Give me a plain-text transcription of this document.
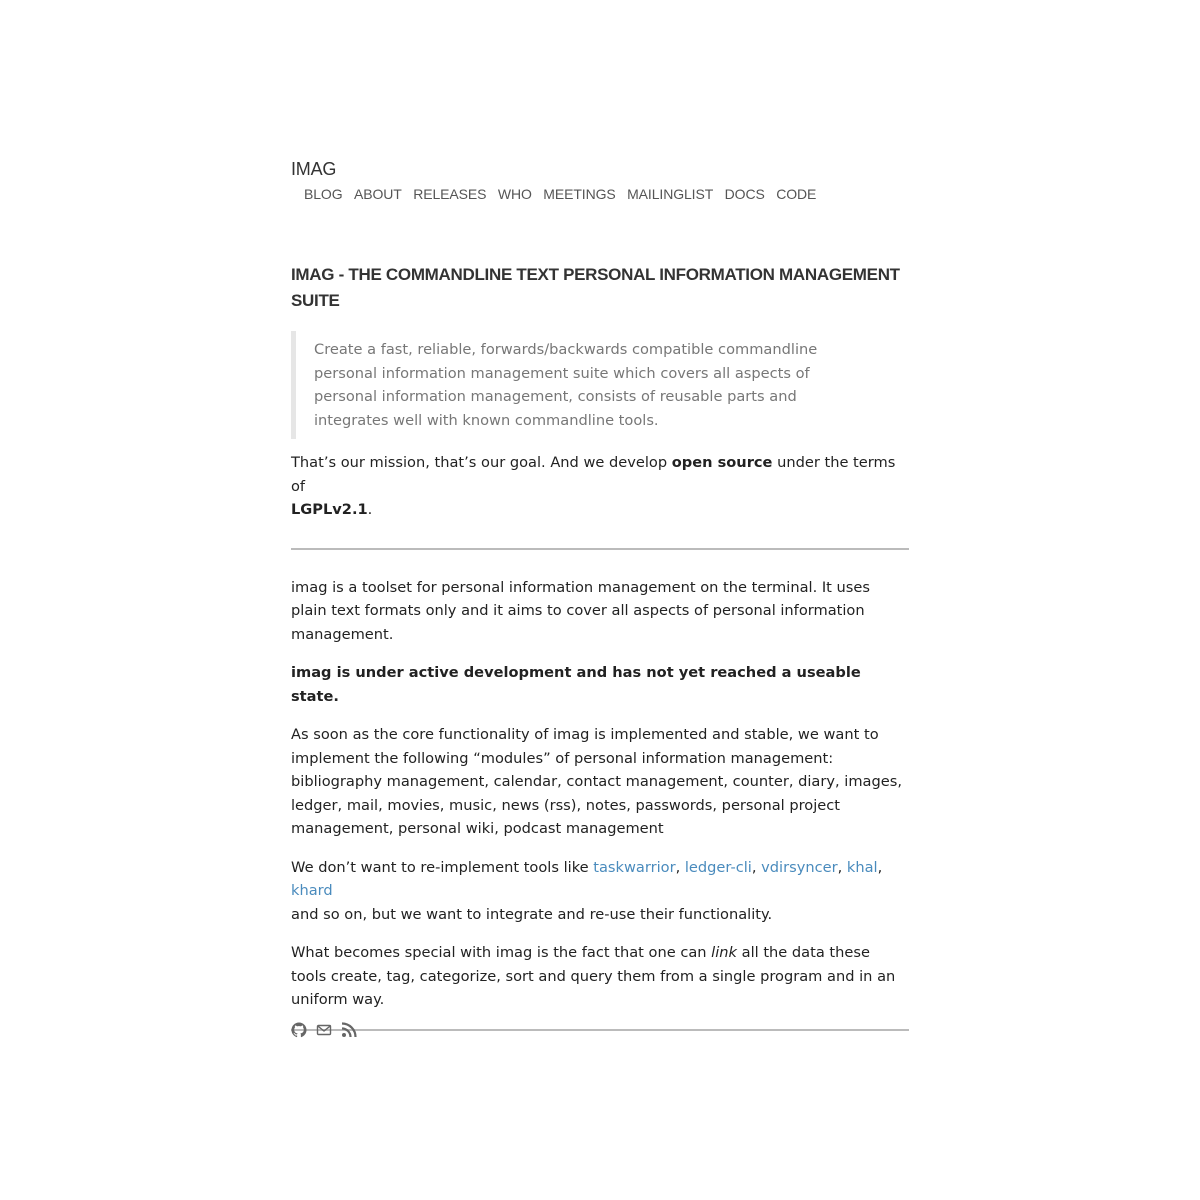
IMAG
BLOG ABOUT RELEASES WHO MEETINGS MAILINGLIST DOCS CODE
IMAG - THE COMMANDLINE TEXT PERSONAL INFORMATION MANAGEMENT SUITE
Create a fast, reliable, forwards/backwards compatible commandline personal information management suite which covers all aspects of personal information management, consists of reusable parts and integrates well with known commandline tools.

That’s our mission, that’s our goal. And we develop open source under the terms of
LGPLv2.1.

imag is a toolset for personal information management on the terminal. It uses plain text formats only and it aims to cover all aspects of personal information management.

imag is under active development and has not yet reached a useable state.

As soon as the core functionality of imag is implemented and stable, we want to implement the following “modules” of personal information management: bibliography management, calendar, contact management, counter, diary, images, ledger, mail, movies, music, news (rss), notes, passwords, personal project management, personal wiki, podcast management

We don’t want to re-implement tools like taskwarrior, ledger-cli, vdirsyncer, khal, khard
and so on, but we want to integrate and re-use their functionality.

What becomes special with imag is the fact that one can link all the data these tools create, tag, categorize, sort and query them from a single program and in an uniform way.
